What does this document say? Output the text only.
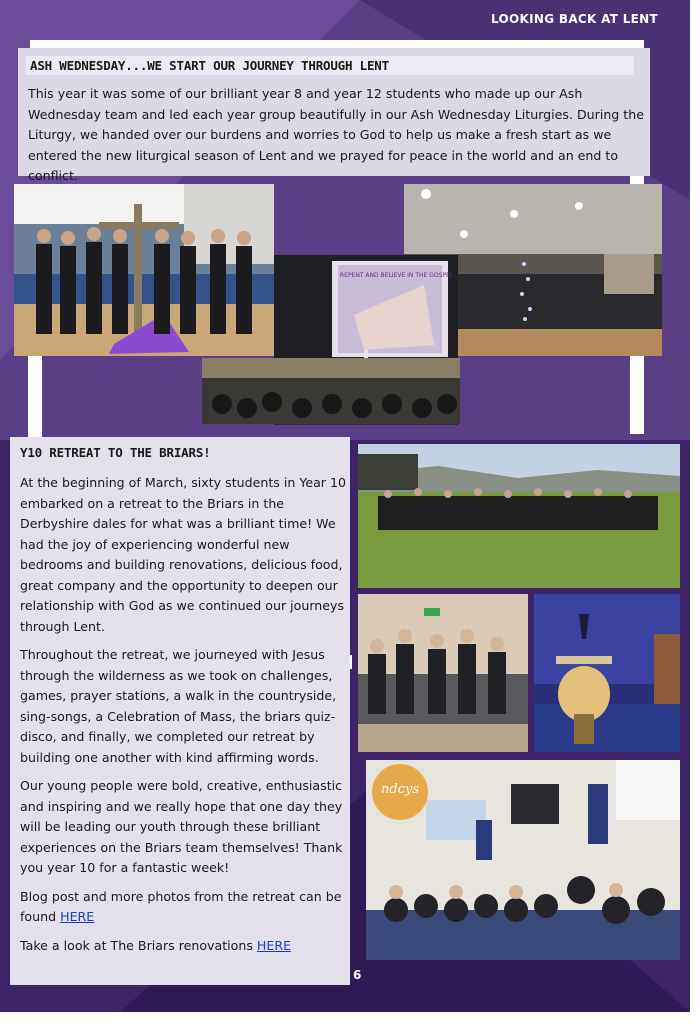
LOOKING BACK AT LENT
ASH WEDNESDAY...WE START OUR JOURNEY THROUGH LENT
This year it was some of our brilliant year 8 and year 12 students who made up our Ash Wednesday team and led each year group beautifully in our Ash Wednesday Liturgies. During the Liturgy, we handed over our burdens and worries to God to help us make a fresh start as we entered the new liturgical season of Lent and we prayed for peace in the world and an end to conflict.
REPENT AND BELIEVE IN THE GOSPEL
Y10 RETREAT TO THE BRIARS!

At the beginning of March, sixty students in Year 10 embarked on a retreat to the Briars in the Derbyshire dales for what was a brilliant time! We had the joy of experiencing wonderful new bedrooms and building renovations, delicious food, great company and the opportunity to deepen our relationship with God as we continued our journeys through Lent.

Throughout the retreat, we journeyed with Jesus through the wilderness as we took on challenges, games, prayer stations, a walk in the countryside, sing-songs, a Celebration of Mass, the briars quiz-disco, and finally, we completed our retreat by building one another with kind affirming words.

Our young people were bold, creative, enthusiastic and inspiring and we really hope that one day they will be leading our youth through these brilliant experiences on the Briars team themselves! Thank you year 10 for a fantastic week!

Blog post and more photos from the retreat can be found HERE

Take a look at The Briars renovations HERE

ndcys
6
